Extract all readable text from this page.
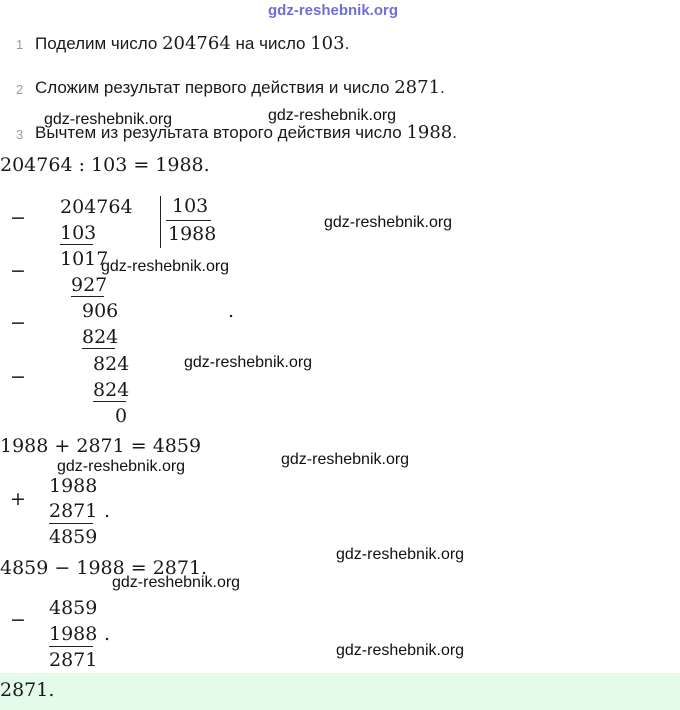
gdz-reshebnik.org
1 Поделим число 204764 на число 103.
2 Сложим результат первого действия и число 2871.
gdz-reshebnik.org	gdz-reshebnik.org
3 Вычтем из результата второго действия число 1988.
204764 : 103 = 1988.
− 204764 103
1988
103	gdz-reshebnik.org
−
1017
gdz-reshebnik.org
927
−
906	.
824
−
824	gdz-reshebnik.org
824
0
1988 + 2871 = 4859
gdz-reshebnik.org	gdz-reshebnik.org
+
1988
2871 .
4859
4859 − 1988 = 2871.
gdz-reshebnik.org
gdz-reshebnik.org
−
4859
1988 .
2871	gdz-reshebnik.org
2871.
